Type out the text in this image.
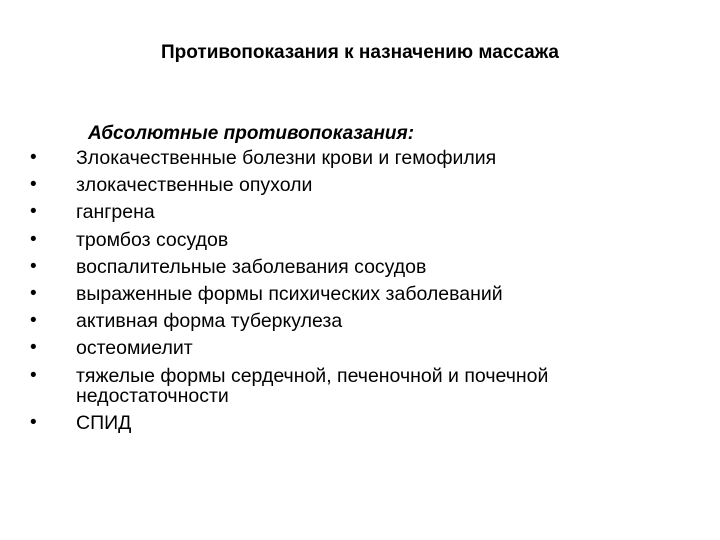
Противопоказания к назначению массажа

Абсолютные противопоказания:

•	Злокачественные болезни крови и гемофилия
•	злокачественные опухоли
•	гангрена
•	тромбоз сосудов
•	воспалительные заболевания сосудов
•	выраженные формы психических заболеваний
•	активная форма туберкулеза
•	остеомиелит
•	тяжелые формы сердечной, печеночной и почечной недостаточности
•	СПИД
